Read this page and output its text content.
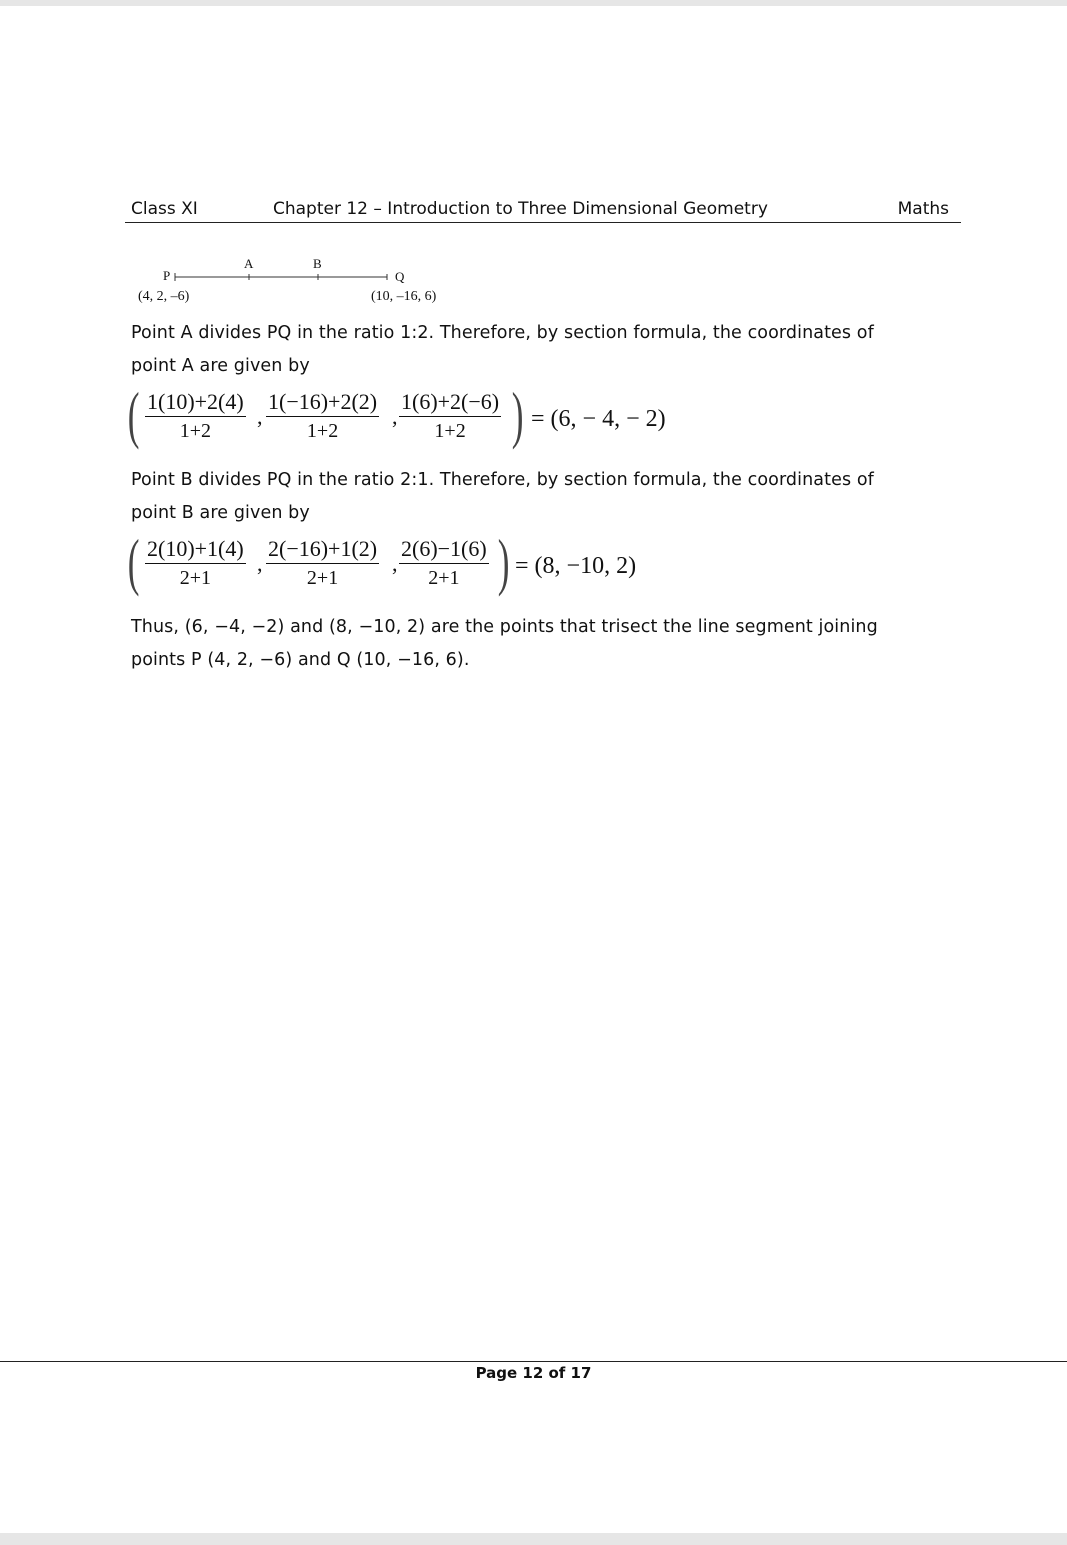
Class XI	Chapter 12 – Introduction to Three Dimensional Geometry	Maths
P
A	B
Q
(4, 2, –6)	(10, –16, 6)
Point A divides PQ in the ratio 1:2. Therefore, by section formula, the coordinates of point A are given by
( $\frac{1(10)+2(4)}{1+2}$ , $\frac{1(-16)+2(2)}{1+2}$ , $\frac{1(6)+2(-6)}{1+2}$ ) = (6, − 4, − 2)
Point B divides PQ in the ratio 2:1. Therefore, by section formula, the coordinates of point B are given by
( $\frac{2(10)+1(4)}{2+1}$ , $\frac{2(-16)+1(2)}{2+1}$ , $\frac{2(6)-1(6)}{2+1}$ ) = (8, −10, 2)
Thus, (6, −4, −2) and (8, −10, 2) are the points that trisect the line segment joining points P (4, 2, −6) and Q (10, −16, 6).
Page 12 of 17
